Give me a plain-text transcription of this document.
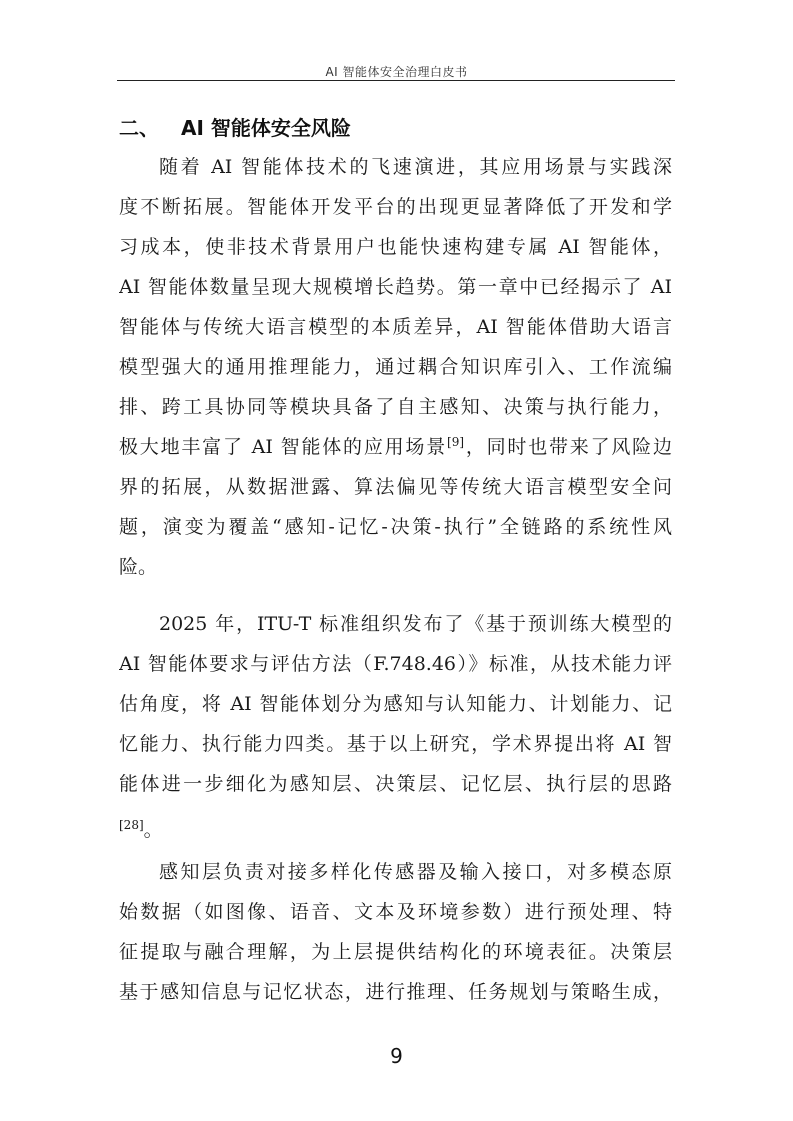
AI 智能体安全治理白皮书
二、 AI 智能体安全风险
随着 AI 智能体技术的飞速演进，其应用场景与实践深
度不断拓展。智能体开发平台的出现更显著降低了开发和学
习成本，使非技术背景用户也能快速构建专属 AI 智能体，
AI 智能体数量呈现大规模增长趋势。第一章中已经揭示了 AI
智能体与传统大语言模型的本质差异，AI 智能体借助大语言
模型强大的通用推理能力，通过耦合知识库引入、工作流编
排、跨工具协同等模块具备了自主感知、决策与执行能力，
极大地丰富了 AI 智能体的应用场景[9]，同时也带来了风险边
界的拓展，从数据泄露、算法偏见等传统大语言模型安全问
题，演变为覆盖“感知-记忆-决策-执行”全链路的系统性风
险。
2025 年，ITU-T 标准组织发布了《基于预训练大模型的
AI 智能体要求与评估方法（F.748.46）》标准，从技术能力评
估角度，将 AI 智能体划分为感知与认知能力、计划能力、记
忆能力、执行能力四类。基于以上研究，学术界提出将 AI 智
能体进一步细化为感知层、决策层、记忆层、执行层的思路
[28]。
感知层负责对接多样化传感器及输入接口，对多模态原
始数据（如图像、语音、文本及环境参数）进行预处理、特
征提取与融合理解，为上层提供结构化的环境表征。决策层
基于感知信息与记忆状态，进行推理、任务规划与策略生成，
9
